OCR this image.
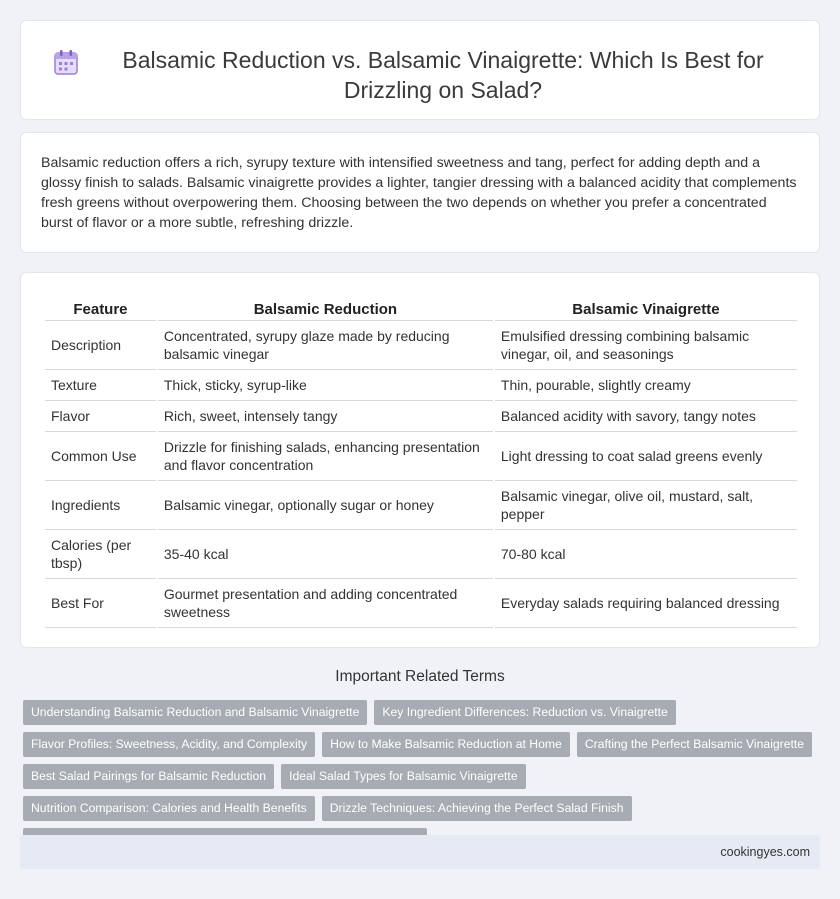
Balsamic Reduction vs. Balsamic Vinaigrette: Which Is Best for Drizzling on Salad?

Balsamic reduction offers a rich, syrupy texture with intensified sweetness and tang, perfect for adding depth and a glossy finish to salads. Balsamic vinaigrette provides a lighter, tangier dressing with a balanced acidity that complements fresh greens without overpowering them. Choosing between the two depends on whether you prefer a concentrated burst of flavor or a more subtle, refreshing drizzle.

Feature	Balsamic Reduction	Balsamic Vinaigrette
Description	Concentrated, syrupy glaze made by reducing balsamic vinegar	Emulsified dressing combining balsamic vinegar, oil, and seasonings
Texture	Thick, sticky, syrup-like	Thin, pourable, slightly creamy
Flavor	Rich, sweet, intensely tangy	Balanced acidity with savory, tangy notes
Common Use	Drizzle for finishing salads, enhancing presentation and flavor concentration	Light dressing to coat salad greens evenly
Ingredients	Balsamic vinegar, optionally sugar or honey	Balsamic vinegar, olive oil, mustard, salt, pepper
Calories (per tbsp)	35-40 kcal	70-80 kcal
Best For	Gourmet presentation and adding concentrated sweetness	Everyday salads requiring balanced dressing
Important Related Terms
Understanding Balsamic Reduction and Balsamic Vinaigrette	Key Ingredient Differences: Reduction vs. Vinaigrette
Flavor Profiles: Sweetness, Acidity, and Complexity	How to Make Balsamic Reduction at Home	Crafting the Perfect Balsamic Vinaigrette
Best Salad Pairings for Balsamic Reduction	Ideal Salad Types for Balsamic Vinaigrette
Nutrition Comparison: Calories and Health Benefits	Drizzle Techniques: Achieving the Perfect Salad Finish
cookingyes.com
